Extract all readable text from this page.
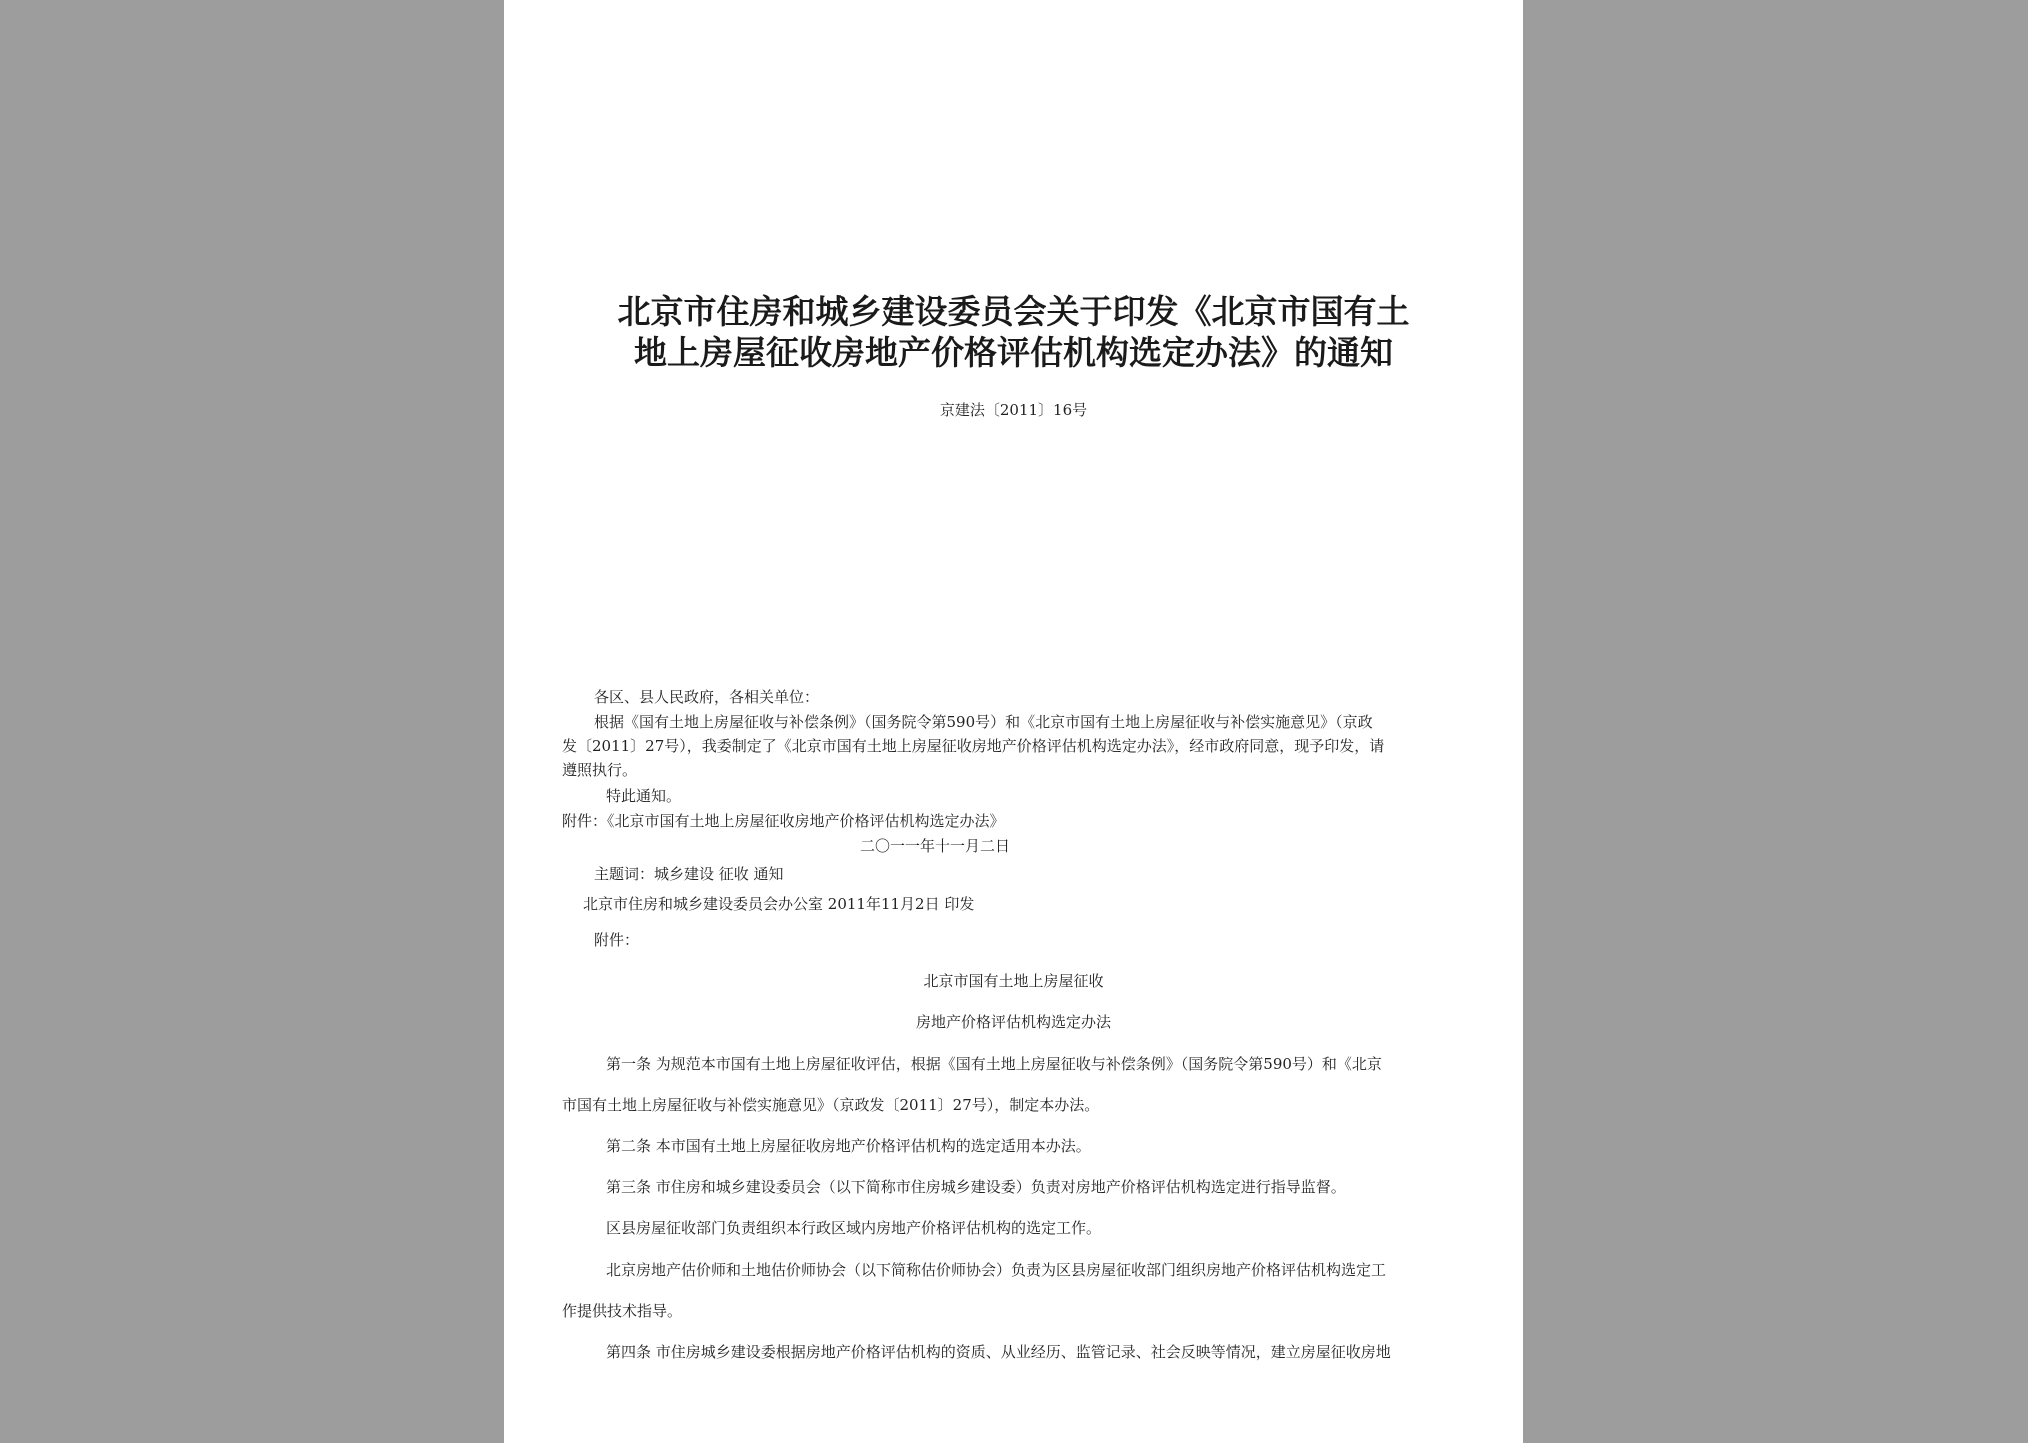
北京市住房和城乡建设委员会关于印发《北京市国有土
地上房屋征收房地产价格评估机构选定办法》的通知
京建法〔2011〕16号
各区、县人民政府，各相关单位：
根据《国有土地上房屋征收与补偿条例》（国务院令第590号）和《北京市国有土地上房屋征收与补偿实施意见》（京政
发〔2011〕27号），我委制定了《北京市国有土地上房屋征收房地产价格评估机构选定办法》，经市政府同意，现予印发，请
遵照执行。
特此通知。
附件：《北京市国有土地上房屋征收房地产价格评估机构选定办法》
二〇一一年十一月二日
主题词：城乡建设 征收 通知
北京市住房和城乡建设委员会办公室 2011年11月2日 印发
附件：
北京市国有土地上房屋征收
房地产价格评估机构选定办法
第一条 为规范本市国有土地上房屋征收评估，根据《国有土地上房屋征收与补偿条例》（国务院令第590号）和《北京
市国有土地上房屋征收与补偿实施意见》（京政发〔2011〕27号），制定本办法。
第二条 本市国有土地上房屋征收房地产价格评估机构的选定适用本办法。
第三条 市住房和城乡建设委员会（以下简称市住房城乡建设委）负责对房地产价格评估机构选定进行指导监督。
区县房屋征收部门负责组织本行政区域内房地产价格评估机构的选定工作。
北京房地产估价师和土地估价师协会（以下简称估价师协会）负责为区县房屋征收部门组织房地产价格评估机构选定工
作提供技术指导。
第四条 市住房城乡建设委根据房地产价格评估机构的资质、从业经历、监管记录、社会反映等情况，建立房屋征收房地
